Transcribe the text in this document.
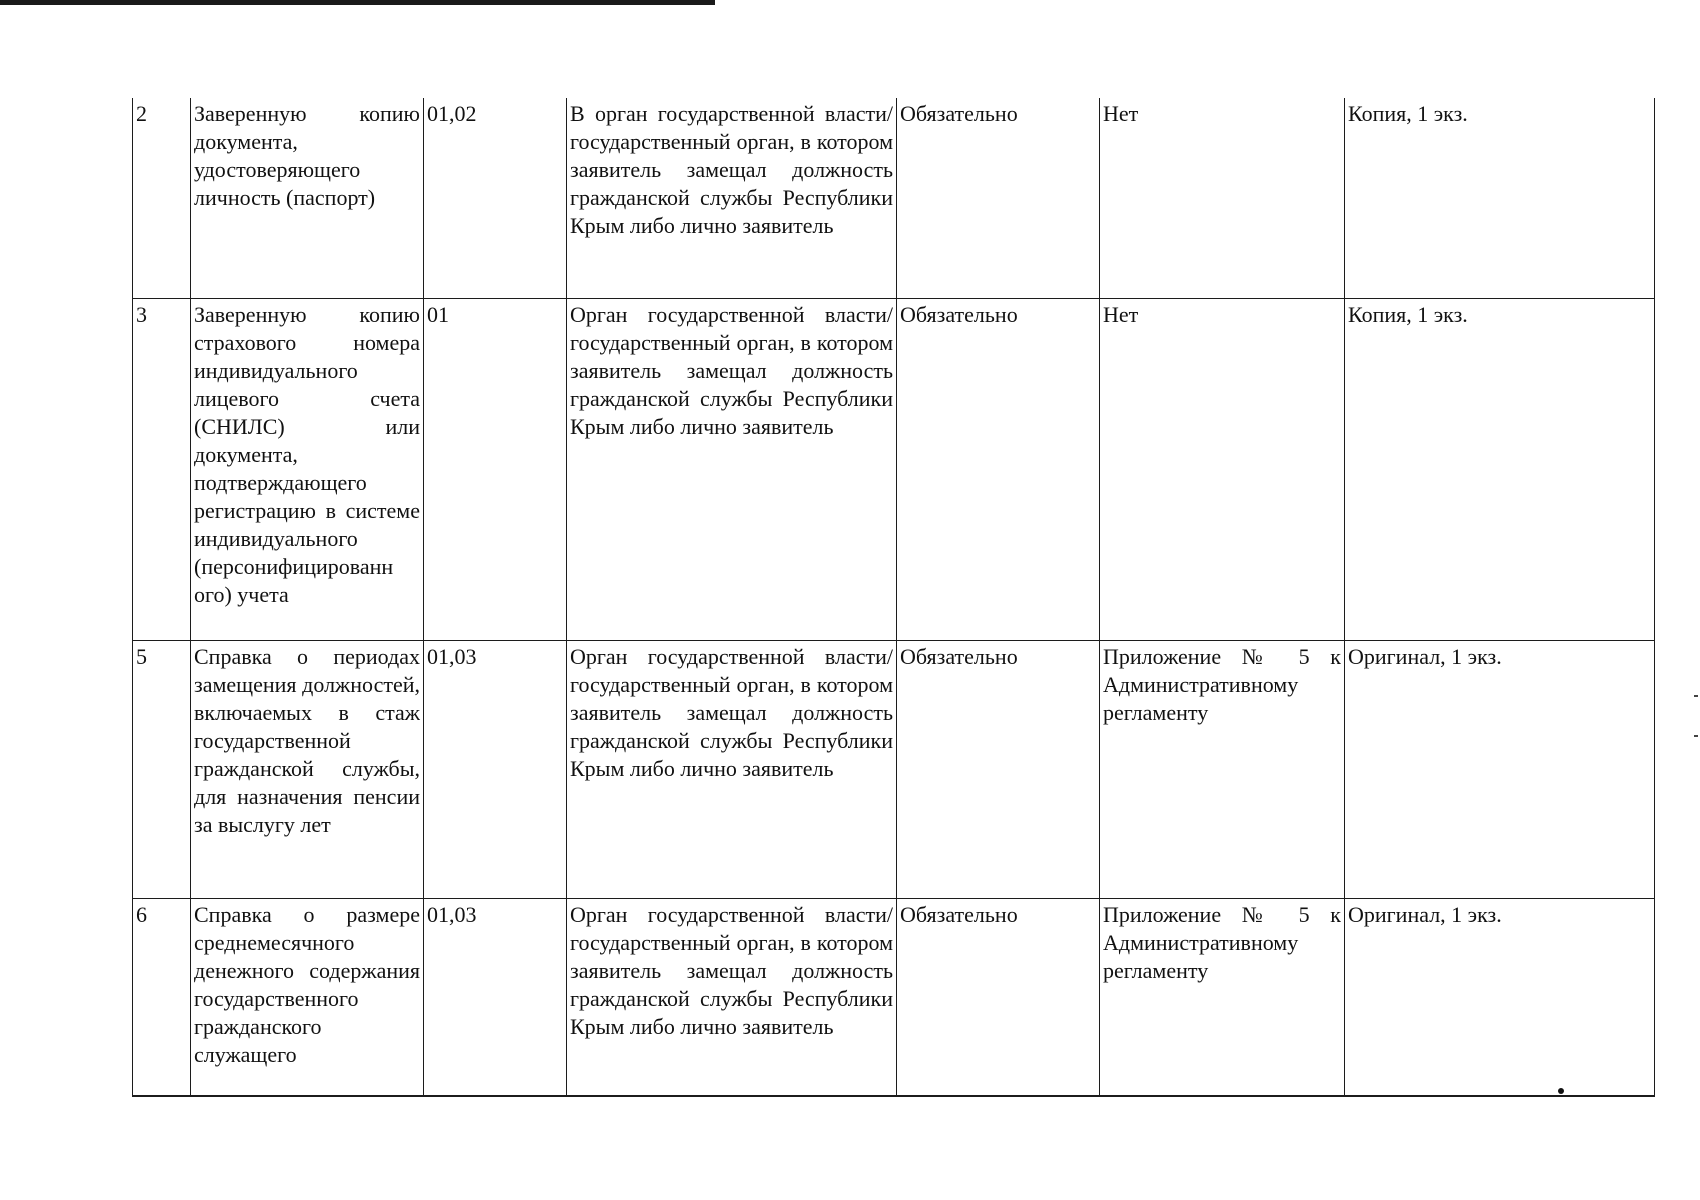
2	Заверенную копию документа, удостоверяющего личность (паспорт)	01,02	В орган государственной власти/государственный орган, в котором заявитель замещал должность гражданской службы Республики Крым либо лично заявитель	Обязательно	Нет	Копия, 1 экз.
3	Заверенную копию страхового номера индивидуального лицевого счета (СНИЛС) или документа, подтверждающего регистрацию в системе индивидуального (персонифицированн ого) учета	01	Орган государственной власти/государственный орган, в котором заявитель замещал должность гражданской службы Республики Крым либо лично заявитель	Обязательно	Нет	Копия, 1 экз.
5	Справка о периодах замещения должностей, включаемых в стаж государственной гражданской службы, для назначения пенсии за выслугу лет	01,03	Орган государственной власти/государственный орган, в котором заявитель замещал должность гражданской службы Республики Крым либо лично заявитель	Обязательно	Приложение № 5 к Административному регламенту	Оригинал, 1 экз.
6	Справка о размере среднемесячного денежного содержания государственного гражданского служащего	01,03	Орган государственной власти/государственный орган, в котором заявитель замещал должность гражданской службы Республики Крым либо лично заявитель	Обязательно	Приложение № 5 к Административному регламенту	Оригинал, 1 экз.
